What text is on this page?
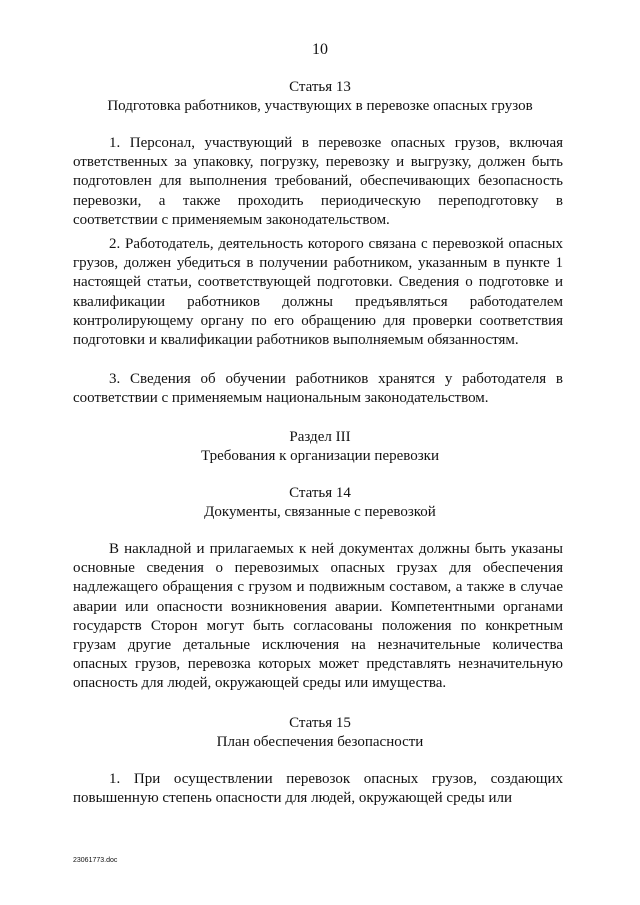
10
Статья 13
Подготовка работников, участвующих в перевозке опасных грузов

1. Персонал, участвующий в перевозке опасных грузов, включая ответственных за упаковку, погрузку, перевозку и выгрузку, должен быть подготовлен для выполнения требований, обеспечивающих безопасность перевозки, а также проходить периодическую переподготовку в соответствии с применяемым законодательством.

2. Работодатель, деятельность которого связана с перевозкой опасных грузов, должен убедиться в получении работником, указанным в пункте 1 настоящей статьи, соответствующей подготовки. Сведения о подготовке и квалификации работников должны предъявляться работодателем контролирующему органу по его обращению для проверки соответствия подготовки и квалификации работников выполняемым обязанностям.

3. Сведения об обучении работников хранятся у работодателя в соответствии с применяемым национальным законодательством.

Раздел III
Требования к организации перевозки
Статья 14
Документы, связанные с перевозкой

В накладной и прилагаемых к ней документах должны быть указаны основные сведения о перевозимых опасных грузах для обеспечения надлежащего обращения с грузом и подвижным составом, а также в случае аварии или опасности возникновения аварии. Компетентными органами государств Сторон могут быть согласованы положения по конкретным грузам другие детальные исключения на незначительные количества опасных грузов, перевозка которых может представлять незначительную опасность для людей, окружающей среды или имущества.

Статья 15
План обеспечения безопасности

1. При осуществлении перевозок опасных грузов, создающих повышенную степень опасности для людей, окружающей среды или

23061773.doc
